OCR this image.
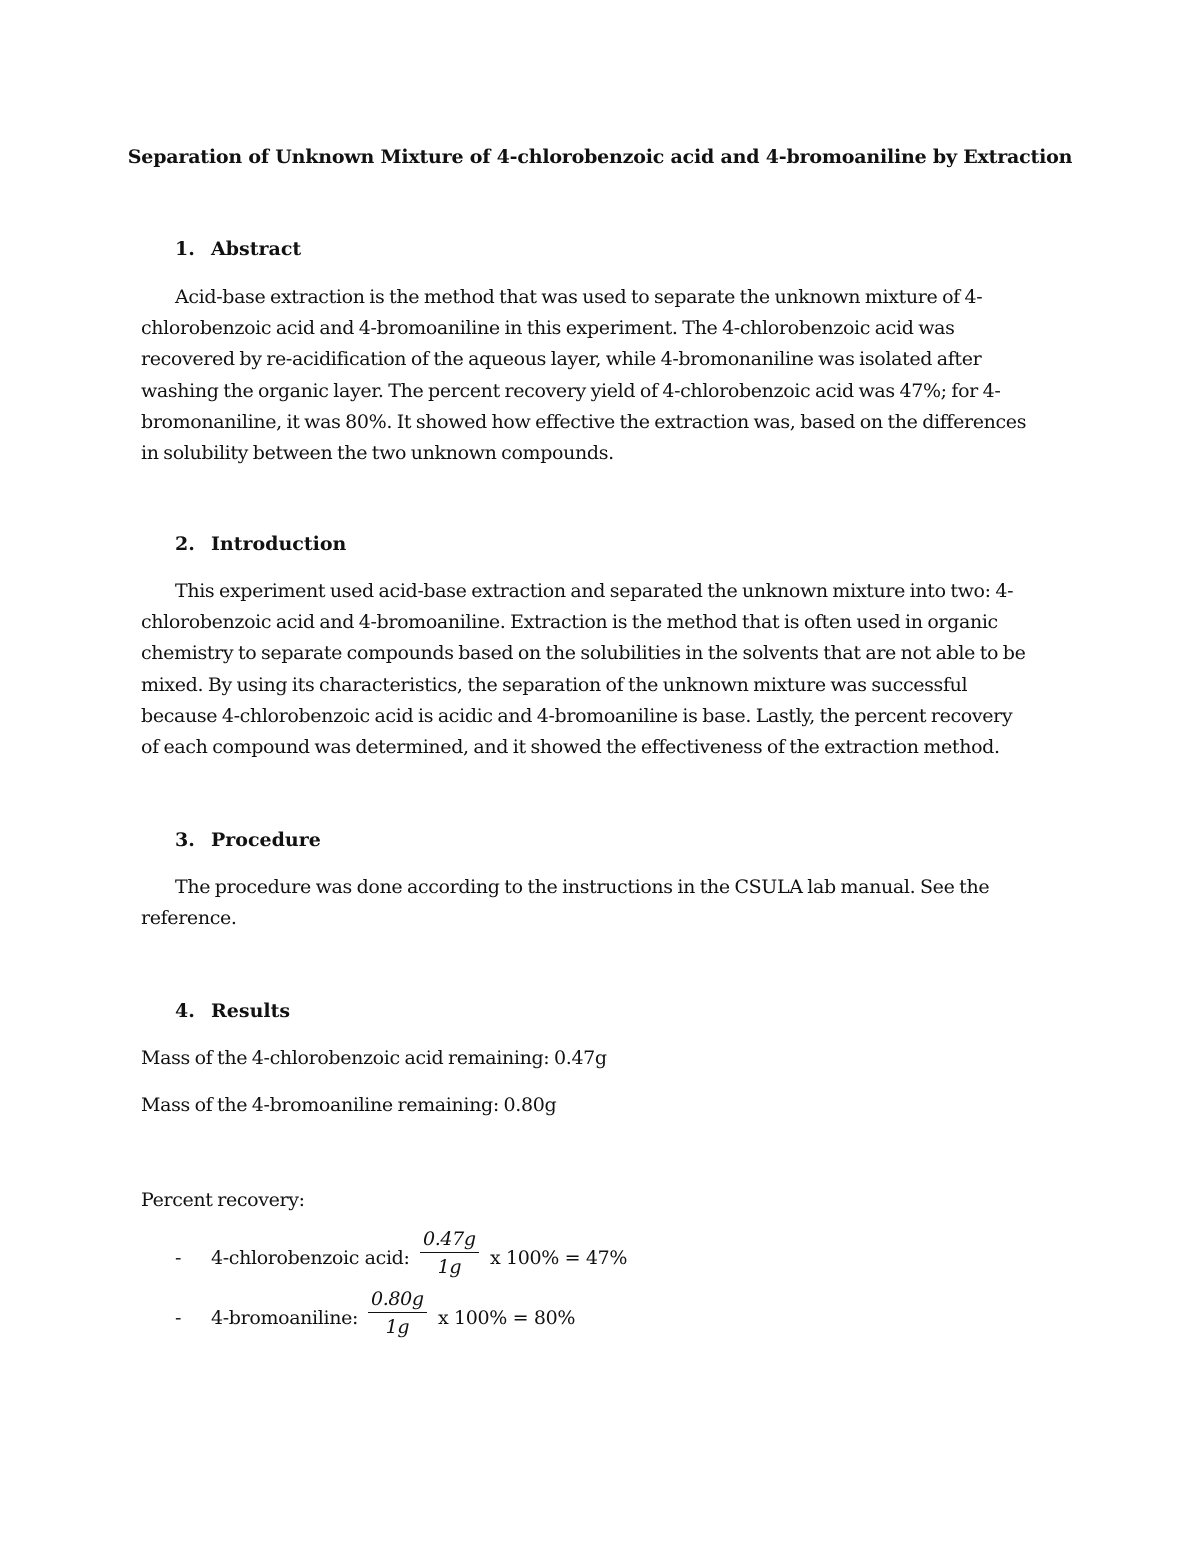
Separation of Unknown Mixture of 4-chlorobenzoic acid and 4-bromoaniline by Extraction
1. Abstract
Acid-base extraction is the method that was used to separate the unknown mixture of 4-
chlorobenzoic acid and 4-bromoaniline in this experiment. The 4-chlorobenzoic acid was
recovered by re-acidification of the aqueous layer, while 4-bromonaniline was isolated after
washing the organic layer. The percent recovery yield of 4-chlorobenzoic acid was 47%; for 4-
bromonaniline, it was 80%. It showed how effective the extraction was, based on the differences
in solubility between the two unknown compounds.
2. Introduction
This experiment used acid-base extraction and separated the unknown mixture into two: 4-
chlorobenzoic acid and 4-bromoaniline. Extraction is the method that is often used in organic
chemistry to separate compounds based on the solubilities in the solvents that are not able to be
mixed. By using its characteristics, the separation of the unknown mixture was successful
because 4-chlorobenzoic acid is acidic and 4-bromoaniline is base. Lastly, the percent recovery
of each compound was determined, and it showed the effectiveness of the extraction method.
3. Procedure
The procedure was done according to the instructions in the CSULA lab manual. See the
reference.
4. Results
Mass of the 4-chlorobenzoic acid remaining: 0.47g
Mass of the 4-bromoaniline remaining: 0.80g
Percent recovery:
- 4-chlorobenzoic acid: $\frac{0.47g}{1g}$ x 100% = 47%
- 4-bromoaniline: $\frac{0.80g}{1g}$ x 100% = 80%
